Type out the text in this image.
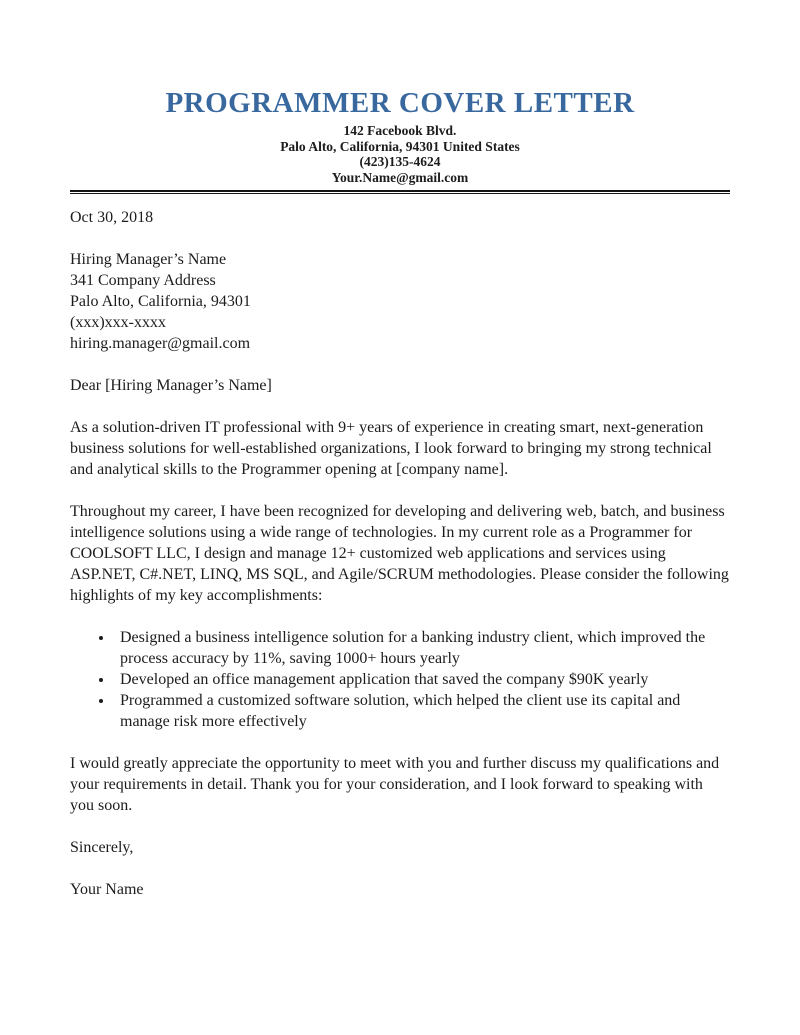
PROGRAMMER COVER LETTER
142 Facebook Blvd.
Palo Alto, California, 94301 United States
(423)135-4624
Your.Name@gmail.com

Oct 30, 2018

Hiring Manager’s Name

341 Company Address

Palo Alto, California, 94301

(xxx)xxx-xxxx

hiring.manager@gmail.com

Dear [Hiring Manager’s Name]

As a solution-driven IT professional with 9+ years of experience in creating smart, next-generation business solutions for well-established organizations, I look forward to bringing my strong technical and analytical skills to the Programmer opening at [company name].

Throughout my career, I have been recognized for developing and delivering web, batch, and business intelligence solutions using a wide range of technologies. In my current role as a Programmer for COOLSOFT LLC, I design and manage 12+ customized web applications and services using ASP.NET, C#.NET, LINQ, MS SQL, and Agile/SCRUM methodologies. Please consider the following highlights of my key accomplishments:

• Designed a business intelligence solution for a banking industry client, which improved the process accuracy by 11%, saving 1000+ hours yearly
• Developed an office management application that saved the company $90K yearly
• Programmed a customized software solution, which helped the client use its capital and manage risk more effectively

I would greatly appreciate the opportunity to meet with you and further discuss my qualifications and your requirements in detail. Thank you for your consideration, and I look forward to speaking with you soon.

Sincerely,

Your Name
